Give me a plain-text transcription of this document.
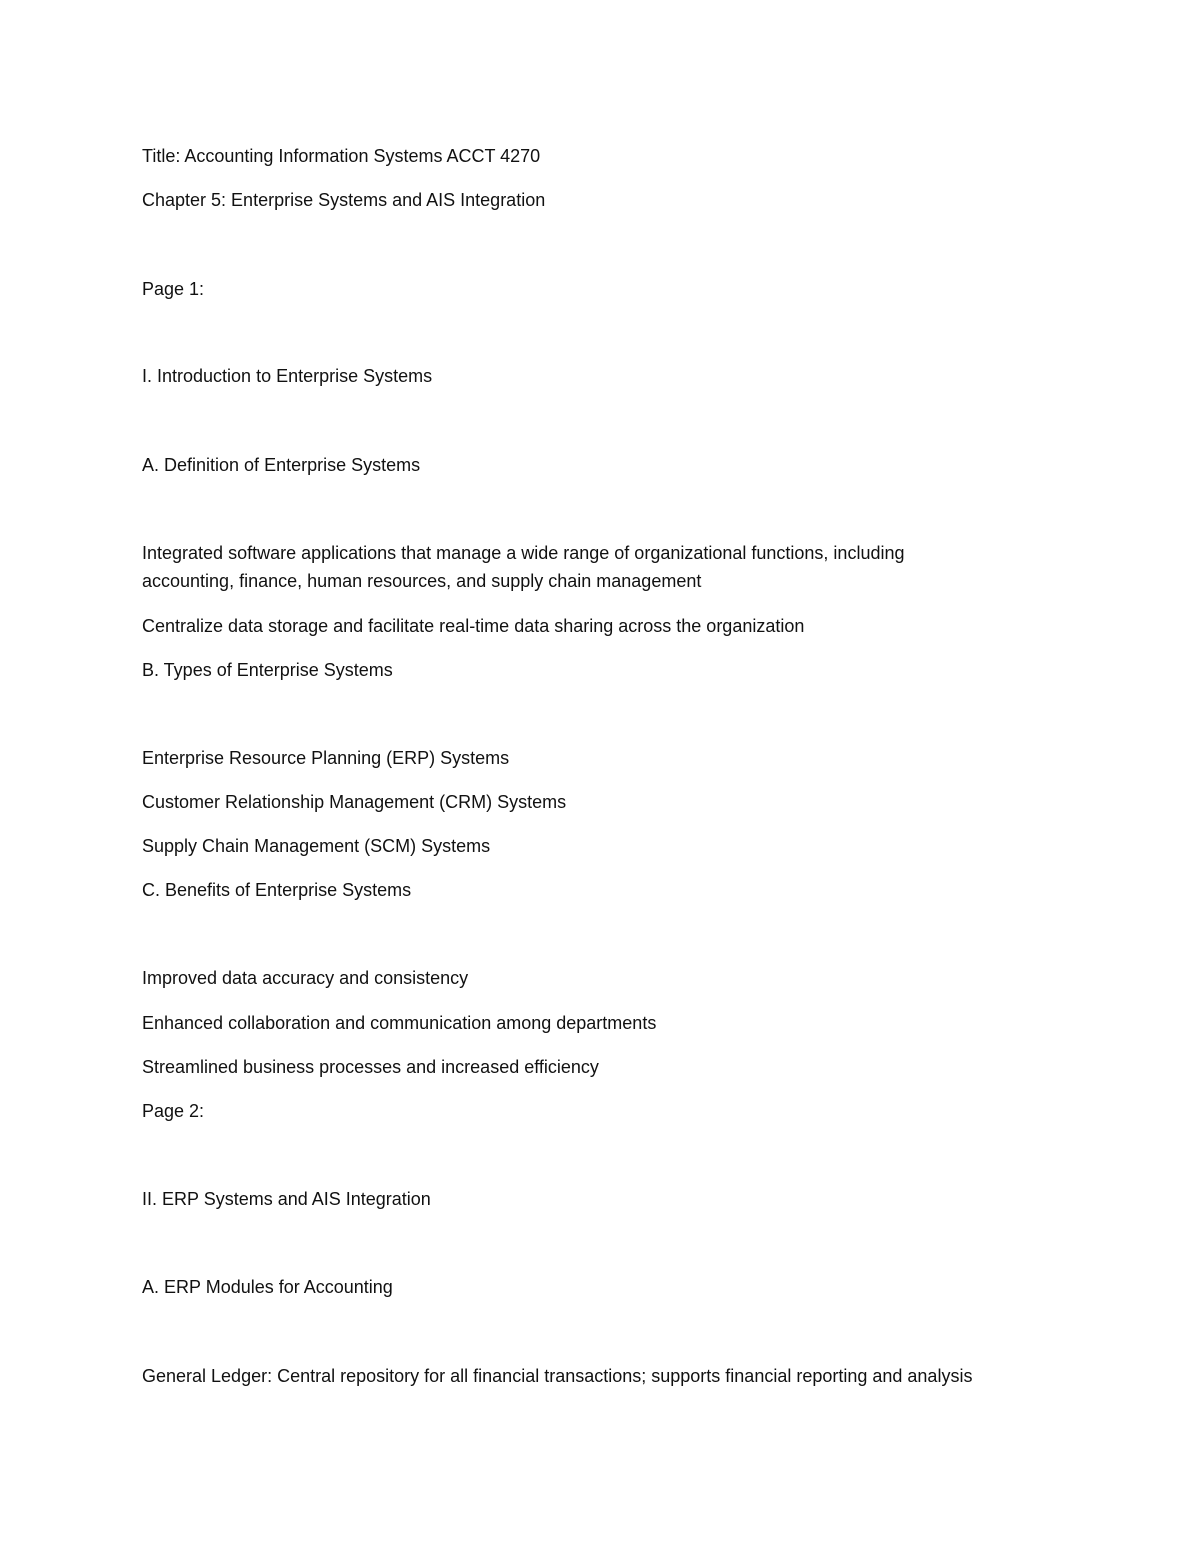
Title: Accounting Information Systems ACCT 4270
Chapter 5: Enterprise Systems and AIS Integration
Page 1:
I. Introduction to Enterprise Systems
A. Definition of Enterprise Systems
Integrated software applications that manage a wide range of organizational functions, including
accounting, finance, human resources, and supply chain management
Centralize data storage and facilitate real-time data sharing across the organization
B. Types of Enterprise Systems
Enterprise Resource Planning (ERP) Systems
Customer Relationship Management (CRM) Systems
Supply Chain Management (SCM) Systems
C. Benefits of Enterprise Systems
Improved data accuracy and consistency
Enhanced collaboration and communication among departments
Streamlined business processes and increased efficiency
Page 2:
II. ERP Systems and AIS Integration
A. ERP Modules for Accounting
General Ledger: Central repository for all financial transactions; supports financial reporting and analysis
